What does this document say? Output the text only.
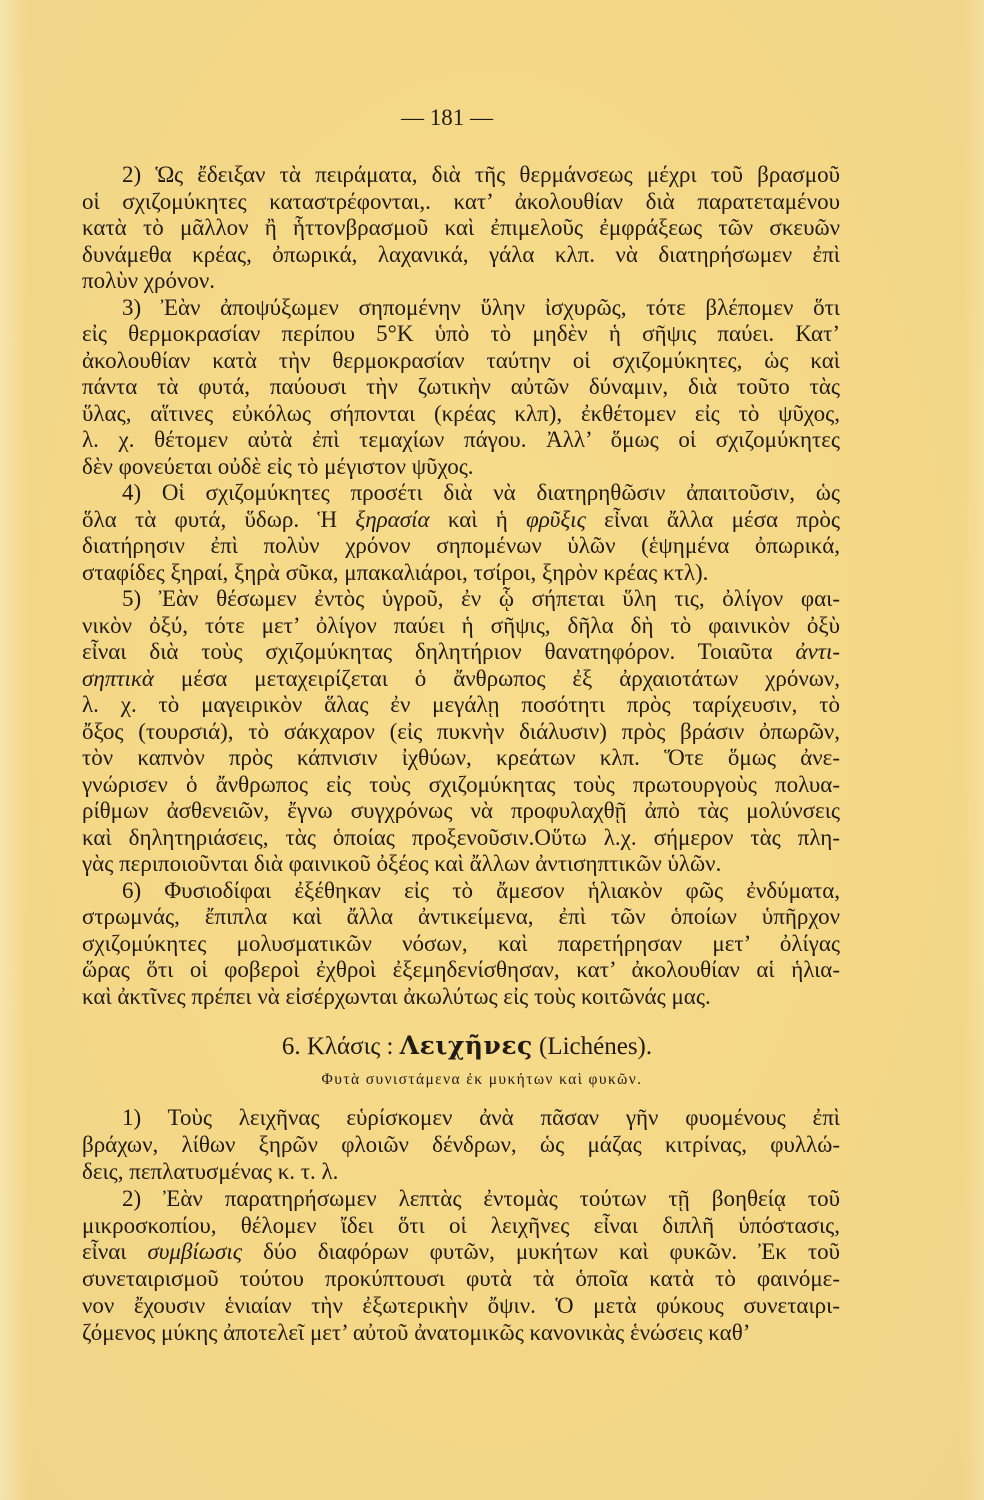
— 181 —
2) Ὡς ἔδειξαν τὰ πειράματα, διὰ τῆς θερμάνσεως μέχρι τοῦ βρασμοῦ
οἱ σχιζομύκητες καταστρέφονται,. κατ’ ἀκολουθίαν διὰ παρατεταμένου
κατὰ τὸ μᾶλλον ἢ ἧττονβρασμοῦ καὶ ἐπιμελοῦς ἐμφράξεως τῶν σκευῶν
δυνάμεθα κρέας, ὀπωρικά, λαχανικά, γάλα κλπ. νὰ διατηρήσωμεν ἐπὶ
πολὺν χρόνον.
3) Ἐὰν ἀποψύξωμεν σηπομένην ὕλην ἰσχυρῶς, τότε βλέπομεν ὅτι
εἰς θερμοκρασίαν περίπου 5°K ὑπὸ τὸ μηδὲν ἡ σῆψις παύει. Κατ’
ἀκολουθίαν κατὰ τὴν θερμοκρασίαν ταύτην οἱ σχιζομύκητες, ὡς καὶ
πάντα τὰ φυτά, παύουσι τὴν ζωτικὴν αὐτῶν δύναμιν, διὰ τοῦτο τὰς
ὕλας, αἵτινες εὐκόλως σήπονται (κρέας κλπ), ἐκθέτομεν εἰς τὸ ψῦχος,
λ. χ. θέτομεν αὐτὰ ἐπὶ τεμαχίων πάγου. Ἀλλ’ ὅμως οἱ σχιζομύκητες
δὲν φονεύεται οὐδὲ εἰς τὸ μέγιστον ψῦχος.
4) Οἱ σχιζομύκητες προσέτι διὰ νὰ διατηρηθῶσιν ἀπαιτοῦσιν, ὡς
ὅλα τὰ φυτά, ὕδωρ. Ἡ ξηρασία καὶ ἡ φρῦξις εἶναι ἄλλα μέσα πρὸς
διατήρησιν ἐπὶ πολὺν χρόνον σηπομένων ὑλῶν (ἑψημένα ὀπωρικά,
σταφίδες ξηραί, ξηρὰ σῦκα, μπακαλιάροι, τσίροι, ξηρὸν κρέας κτλ).
5) Ἐὰν θέσωμεν ἐντὸς ὑγροῦ, ἐν ᾧ σήπεται ὕλη τις, ὀλίγον φαι-
νικὸν ὀξύ, τότε μετ’ ὀλίγον παύει ἡ σῆψις, δῆλα δὴ τὸ φαινικὸν ὀξὺ
εἶναι διὰ τοὺς σχιζομύκητας δηλητήριον θανατηφόρον. Τοιαῦτα ἀντι-
σηπτικὰ μέσα μεταχειρίζεται ὁ ἄνθρωπος ἐξ ἀρχαιοτάτων χρόνων,
λ. χ. τὸ μαγειρικὸν ἅλας ἐν μεγάλῃ ποσότητι πρὸς ταρίχευσιν, τὸ
ὄξος (τουρσιά), τὸ σάκχαρον (εἰς πυκνὴν διάλυσιν) πρὸς βράσιν ὀπωρῶν,
τὸν καπνὸν πρὸς κάπνισιν ἰχθύων, κρεάτων κλπ. Ὅτε ὅμως ἀνε-
γνώρισεν ὁ ἄνθρωπος εἰς τοὺς σχιζομύκητας τοὺς πρωτουργοὺς πολυα-
ρίθμων ἀσθενειῶν, ἔγνω συγχρόνως νὰ προφυλαχθῇ ἀπὸ τὰς μολύνσεις
καὶ δηλητηριάσεις, τὰς ὁποίας προξενοῦσιν.Οὕτω λ.χ. σήμερον τὰς πλη-
γὰς περιποιοῦνται διὰ φαινικοῦ ὀξέος καὶ ἄλλων ἀντισηπτικῶν ὑλῶν.
6) Φυσιοδίφαι ἐξέθηκαν εἰς τὸ ἄμεσον ἡλιακὸν φῶς ἐνδύματα,
στρωμνάς, ἔπιπλα καὶ ἄλλα ἀντικείμενα, ἐπὶ τῶν ὁποίων ὑπῆρχον
σχιζομύκητες μολυσματικῶν νόσων, καὶ παρετήρησαν μετ’ ὀλίγας
ὥρας ὅτι οἱ φοβεροὶ ἐχθροὶ ἐξεμηδενίσθησαν, κατ’ ἀκολουθίαν αἱ ἡλια-
καὶ ἀκτῖνες πρέπει νὰ εἰσέρχωνται ἀκωλύτως εἰς τοὺς κοιτῶνάς μας.
6. Κλάσις : Λειχῆνες (Lichénes).
Φυτὰ συνιστάμενα ἐκ μυκήτων καὶ φυκῶν.
1) Τοὺς λειχῆνας εὑρίσκομεν ἀνὰ πᾶσαν γῆν φυομένους ἐπὶ
βράχων, λίθων ξηρῶν φλοιῶν δένδρων, ὡς μάζας κιτρίνας, φυλλώ-
δεις, πεπλατυσμένας κ. τ. λ.
2) Ἐὰν παρατηρήσωμεν λεπτὰς ἐντομὰς τούτων τῇ βοηθείᾳ τοῦ
μικροσκοπίου, θέλομεν ἴδει ὅτι οἱ λειχῆνες εἶναι διπλῆ ὑπόστασις,
εἶναι συμβίωσις δύο διαφόρων φυτῶν, μυκήτων καὶ φυκῶν. Ἐκ τοῦ
συνεταιρισμοῦ τούτου προκύπτουσι φυτὰ τὰ ὁποῖα κατὰ τὸ φαινόμε-
νον ἔχουσιν ἑνιαίαν τὴν ἐξωτερικὴν ὄψιν. Ὁ μετὰ φύκους συνεταιρι-
ζόμενος μύκης ἀποτελεῖ μετ’ αὐτοῦ ἀνατομικῶς κανονικὰς ἑνώσεις καθ’
